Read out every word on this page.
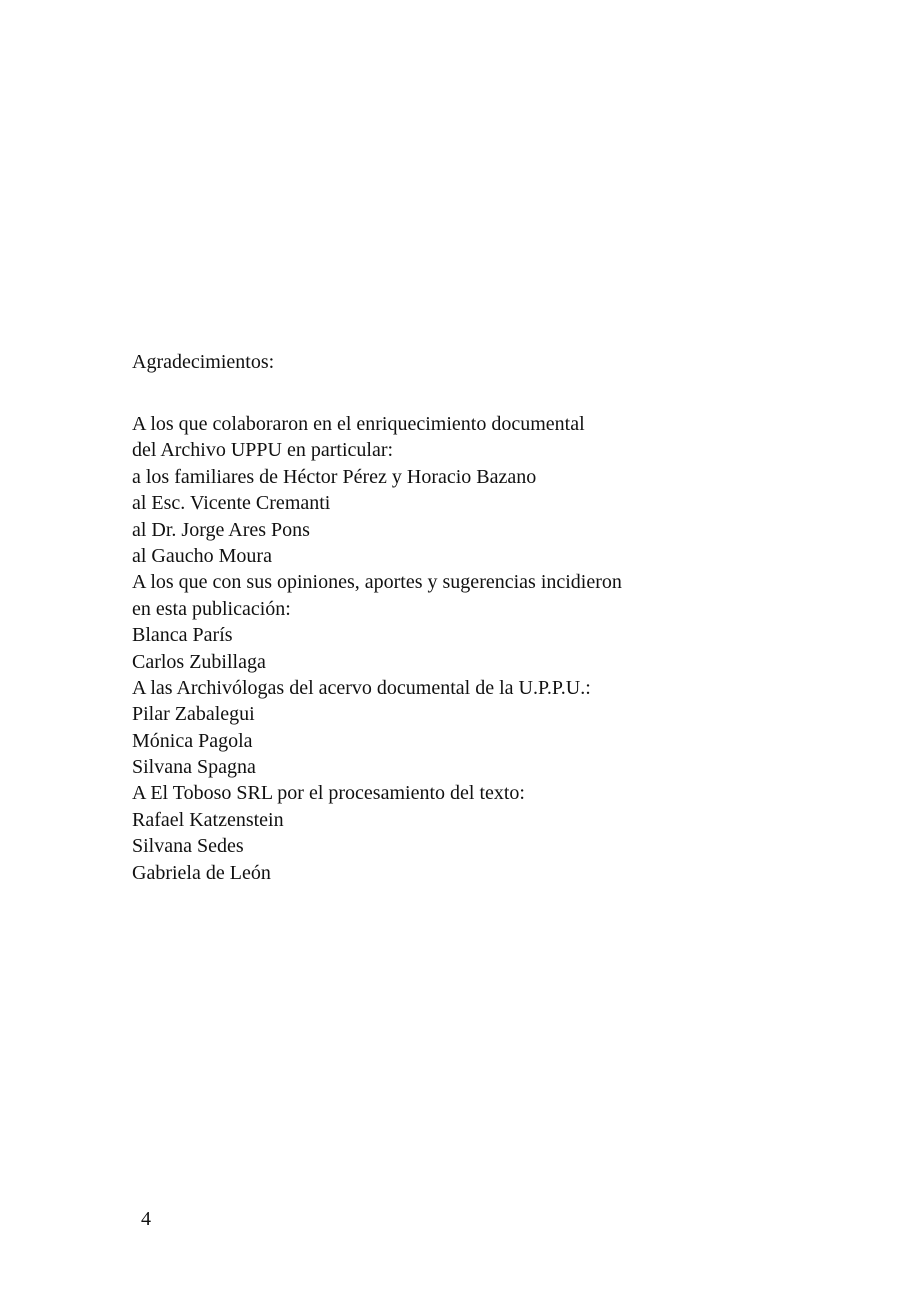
Agradecimientos:
A los que colaboraron en el enriquecimiento documental
del Archivo UPPU en particular:
a los familiares de Héctor Pérez y Horacio Bazano
al Esc. Vicente Cremanti
al Dr. Jorge Ares Pons
al Gaucho Moura
A los que con sus opiniones, aportes y sugerencias incidieron
en esta publicación:
Blanca París
Carlos Zubillaga
A las Archivólogas del acervo documental de la U.P.P.U.:
Pilar Zabalegui
Mónica Pagola
Silvana Spagna
A El Toboso SRL por el procesamiento del texto:
Rafael Katzenstein
Silvana Sedes
Gabriela de León
4
